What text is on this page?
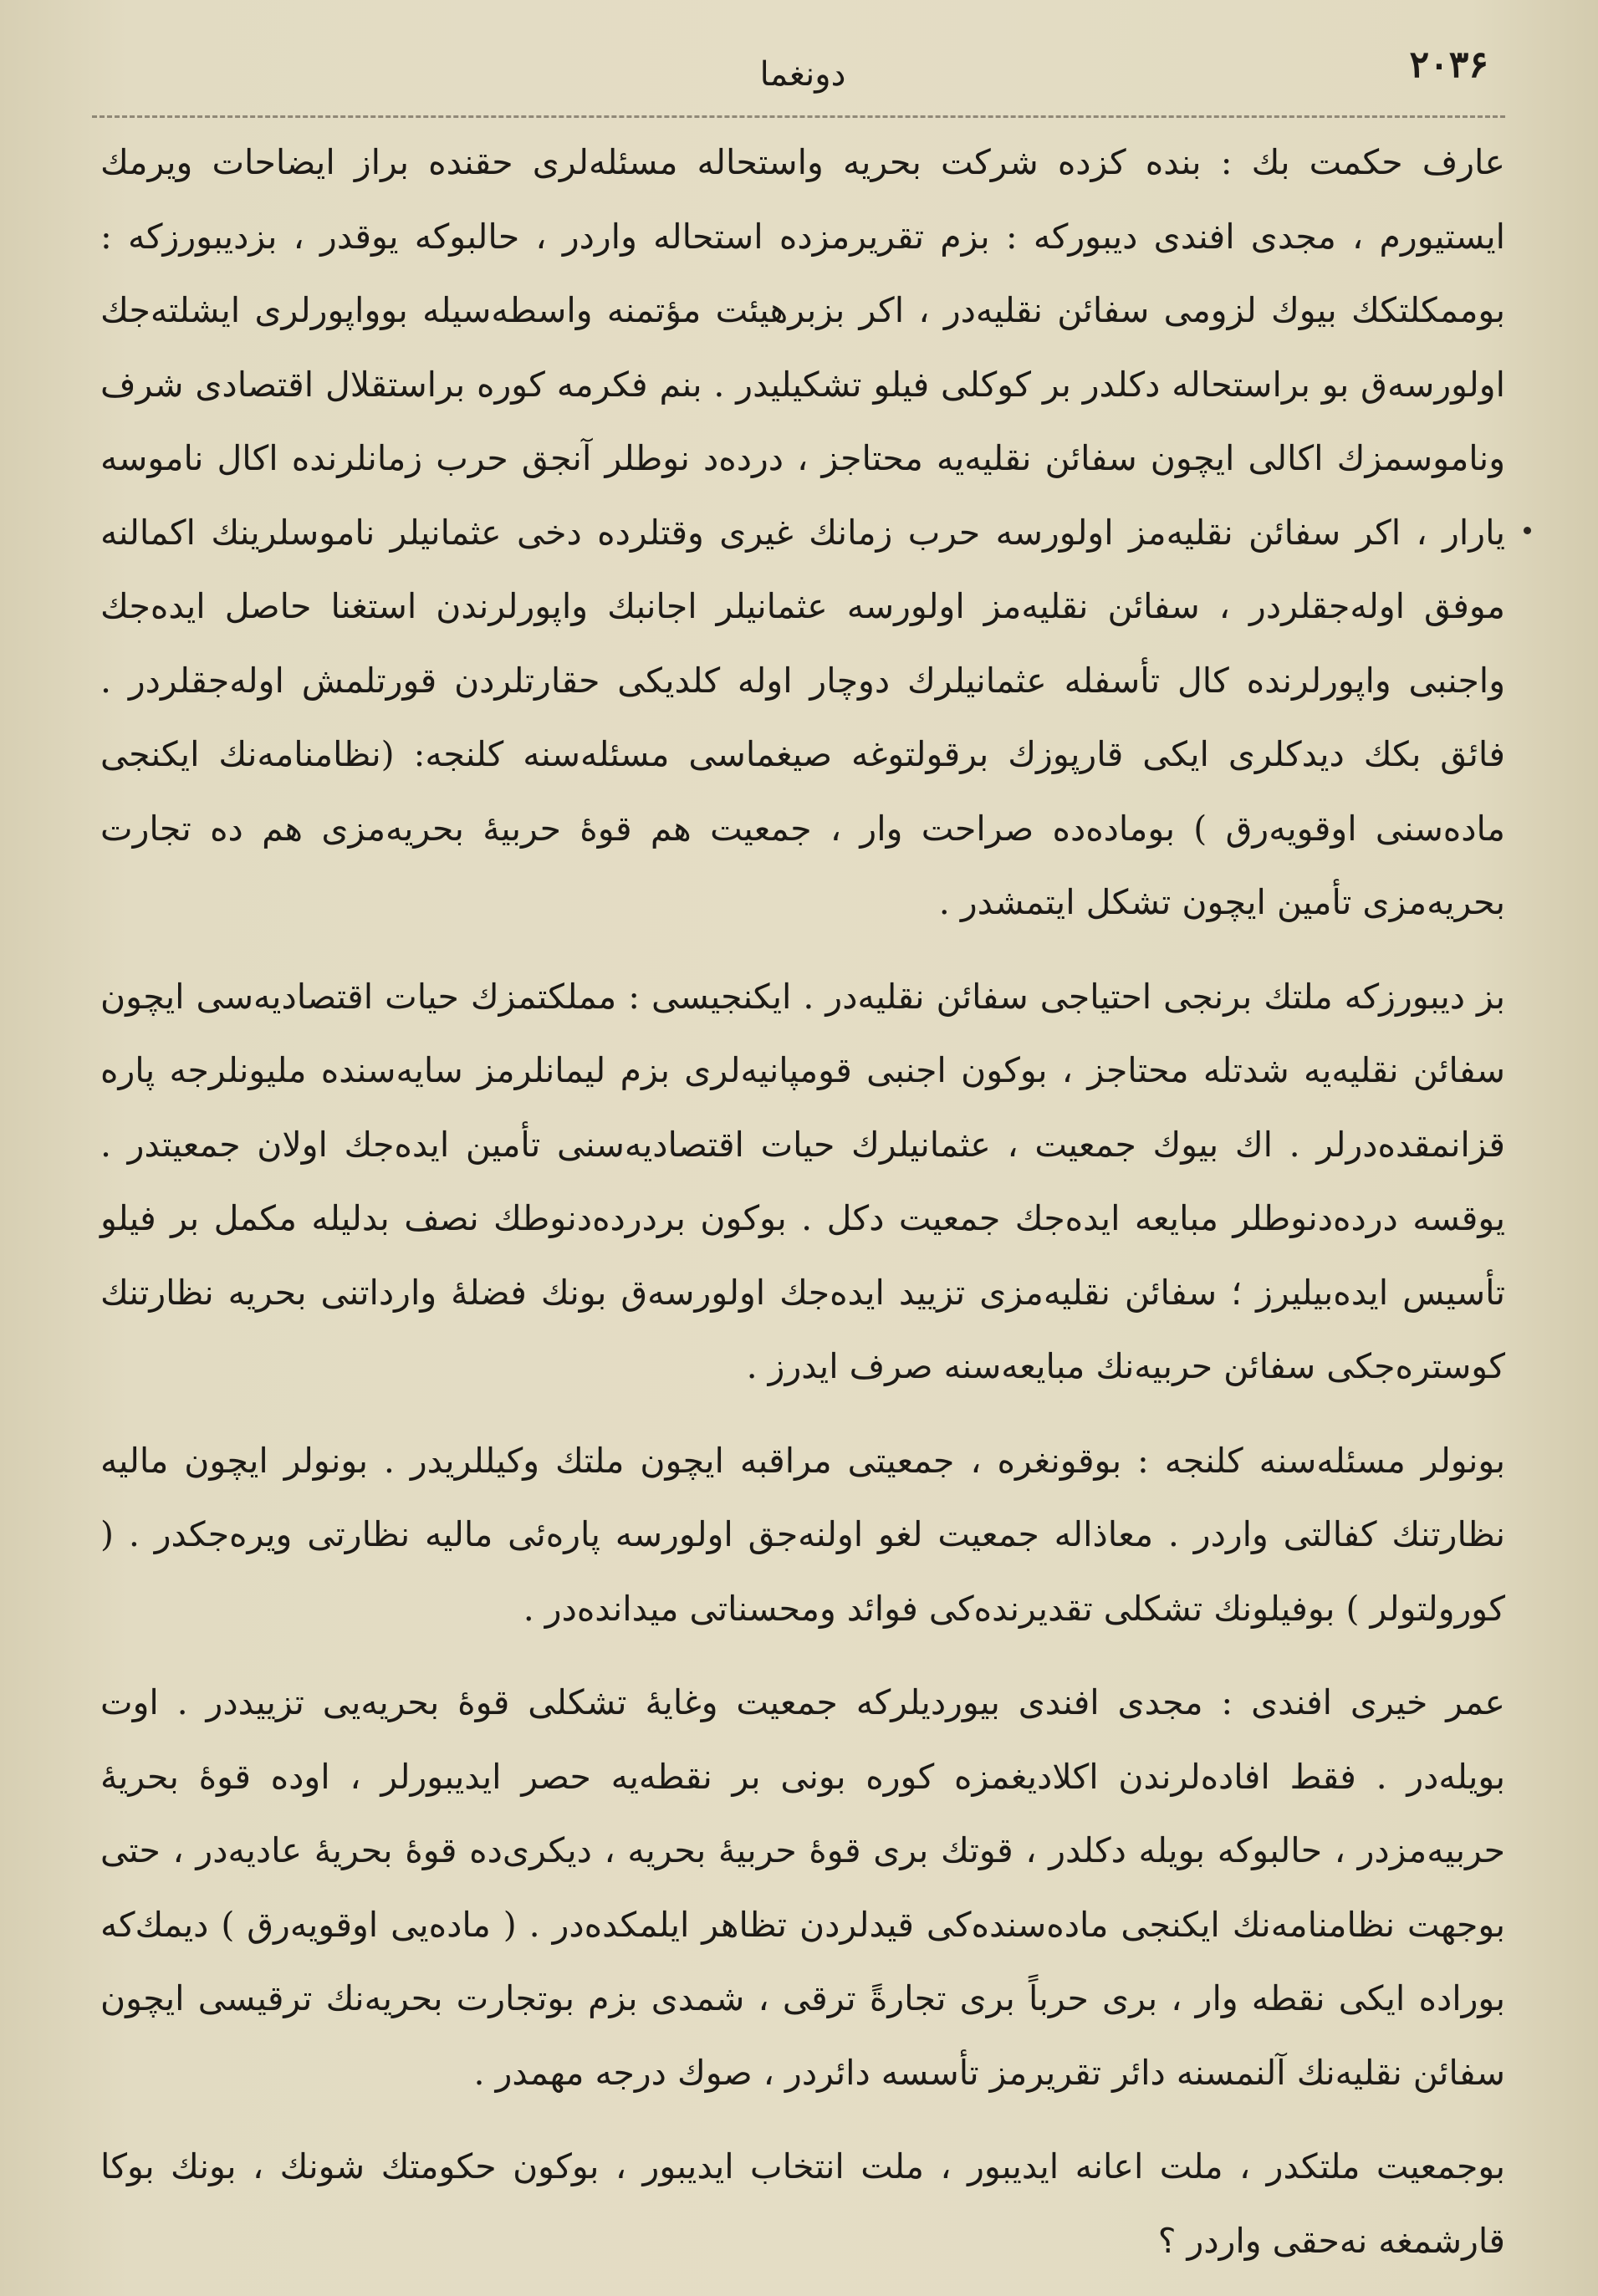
۲۰۳۶
دونغما

عارف حکمت بك : بنده کزده شرکت بحریه واستحاله مسئله‌لری حقنده براز ایضاحات ویرمك ایستیورم ، مجدی افندی دیبورکه : بزم تقریرمزده استحاله واردر ، حالبوکه یوقدر ، بزدیبورزکه : بوممکلتكك بیوك لزومی سفائن نقلیه‌در ، اکر بزبرهیئت مؤتمنه واسطه‌سیله بوواپورلری ایشلته‌جك اولورسه‌ق بو براستحاله دکلدر بر کوکلی فیلو تشکیلیدر . بنم فکرمه کوره براستقلال اقتصادی شرف وناموسمزك اکالی ایچون سفائن نقلیه‌یه محتاجز ، درده‌د نوطلر آنجق حرب زمانلرنده اکال ناموسه یارار ، اکر سفائن نقلیه‌مز اولورسه حرب زمانك غیری وقتلرده دخی عثمانیلر ناموسلرینك اکمالنه موفق اوله‌جقلردر ، سفائن نقلیه‌مز اولورسه عثمانیلر اجانبك واپورلرندن استغنا حاصل ایده‌جك واجنبی واپورلرنده کال تأسفله عثمانیلرك دوچار اوله کلدیکی حقارتلردن قورتلمش اوله‌جقلردر . فائق بکك دیدکلری ایکی قارپوزك برقولتوغه صیغماسی مسئله‌سنه کلنجه: (نظامنامه‌نك ایکنجی ماده‌سنی اوقویه‌رق ) بوماده‌ده صراحت وار ، جمعیت هم قوهٔ حربیهٔ بحریه‌مزی هم ده تجارت بحریه‌مزی تأمین ایچون تشکل ایتمشدر .

بز دیبورزکه ملتك برنجی احتیاجی سفائن نقلیه‌در . ایکنجیسی : مملکتمزك حیات اقتصادیه‌سی ایچون سفائن نقلیه‌یه شدتله محتاجز ، بوکون اجنبی قومپانیه‌لری بزم لیمانلرمز سایه‌سنده ملیونلرجه پاره قزانمقده‌درلر . اك بیوك جمعیت ، عثمانیلرك حیات اقتصادیه‌سنی تأمین ایده‌جك اولان جمعیتدر . یوقسه درده‌دنوطلر مبایعه ایده‌جك جمعیت دکل . بوکون بردرده‌دنوطك نصف بدلیله مکمل بر فیلو تأسیس ایده‌بیلیرز ؛ سفائن نقلیه‌مزی تزیید ایده‌جك اولورسه‌ق بونك فضلهٔ وارداتنی بحریه نظارتنك کوستره‌جکی سفائن حربیه‌نك مبایعه‌سنه صرف ایدرز .

بونولر مسئله‌سنه کلنجه : بوقونغره ، جمعیتی مراقبه ایچون ملتك وکیللریدر . بونولر ایچون مالیه نظارتنك کفالتی واردر . معاذاله جمعیت لغو اولنه‌جق اولورسه پاره‌ئی مالیه نظارتی ویره‌جکدر . ( کورولتولر ) بوفیلونك تشکلی تقدیرنده‌کی فوائد ومحسناتی میدانده‌در .

عمر خیری افندی : مجدی افندی بیوردیلرکه جمعیت وغایهٔ تشکلی قوهٔ بحریه‌یی تزییددر . اوت بویله‌در . فقط افاده‌لرندن اکلادیغمزه کوره بونی بر نقطه‌یه حصر ایدیبورلر ، اوده قوهٔ بحریهٔ حربیه‌مزدر ، حالبوکه بویله دکلدر ، قوتك بری قوهٔ حربیهٔ بحریه ، دیکری‌ده قوهٔ بحریهٔ عادیه‌در ، حتی بوجهت نظامنامه‌نك ایکنجی ماده‌سنده‌کی قیدلردن تظاهر ایلمکده‌در . ( ماده‌یی اوقویه‌رق ) دیمك‌که بوراده ایکی نقطه وار ، بری حرباً بری تجارةً ترقی ، شمدی بزم بوتجارت بحریه‌نك ترقیسی ایچون سفائن نقلیه‌نك آلنمسنه دائر تقریرمز تأسسه دائردر ، صوك درجه مهمدر .

بوجمعیت ملتکدر ، ملت اعانه ایدیبور ، ملت انتخاب ایدیبور ، بوکون حکومتك شونك ، بونك بوکا قارشمغه نه‌حقی واردر ؟
